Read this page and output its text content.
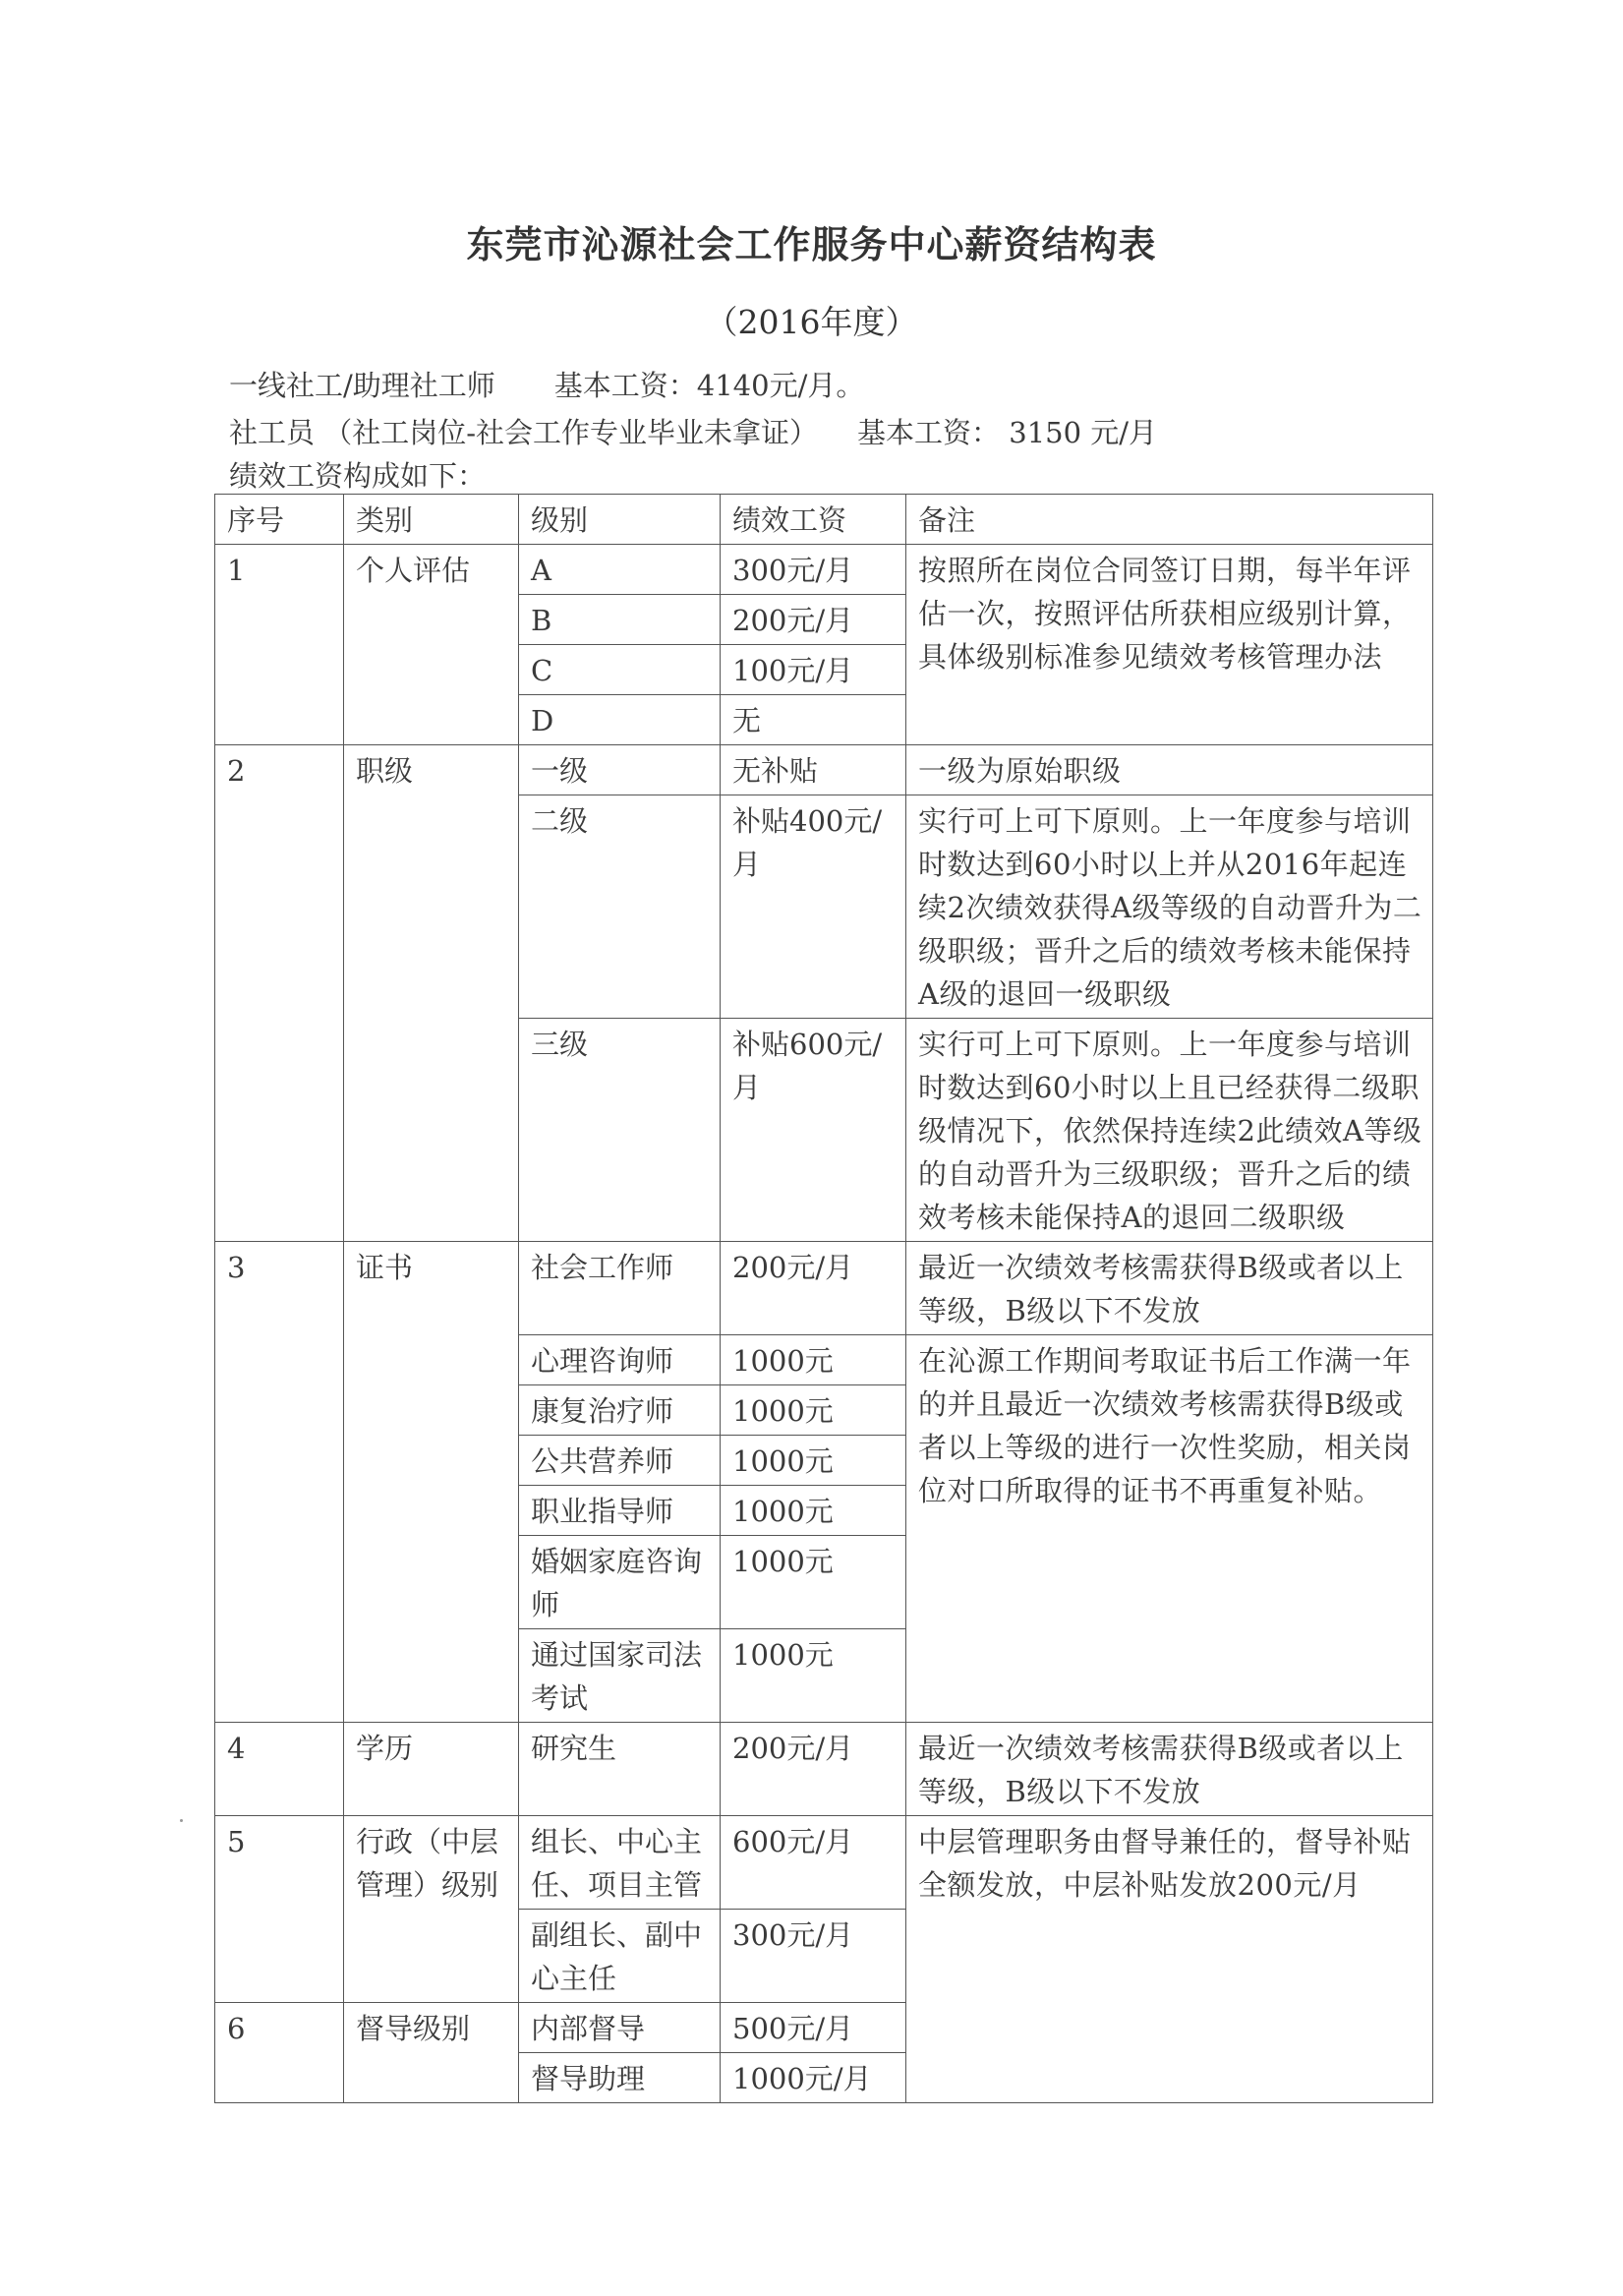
东莞市沁源社会工作服务中心薪资结构表
（2016年度）
一线社工/助理社工师 基本工资：4140元/月。
社工员 （社工岗位-社会工作专业毕业未拿证） 基本工资： 3150 元/月
绩效工资构成如下：
序号	类别	级别	绩效工资	备注
1	个人评估	A	300元/月	按照所在岗位合同签订日期，每半年评估一次，按照评估所获相应级别计算，具体级别标准参见绩效考核管理办法
		B	200元/月	
		C	100元/月	
		D	无	
2	职级	一级	无补贴	一级为原始职级
		二级	补贴400元/月	实行可上可下原则。上一年度参与培训时数达到60小时以上并从2016年起连续2次绩效获得A级等级的自动晋升为二级职级；晋升之后的绩效考核未能保持A级的退回一级职级
		三级	补贴600元/月	实行可上可下原则。上一年度参与培训时数达到60小时以上且已经获得二级职级情况下，依然保持连续2此绩效A等级的自动晋升为三级职级；晋升之后的绩效考核未能保持A的退回二级职级
3	证书	社会工作师	200元/月	最近一次绩效考核需获得B级或者以上等级，B级以下不发放
		心理咨询师	1000元	在沁源工作期间考取证书后工作满一年的并且最近一次绩效考核需获得B级或者以上等级的进行一次性奖励，相关岗位对口所取得的证书不再重复补贴。
		康复治疗师	1000元	
		公共营养师	1000元	
		职业指导师	1000元	
		婚姻家庭咨询师	1000元	
		通过国家司法考试	1000元	
4	学历	研究生	200元/月	最近一次绩效考核需获得B级或者以上等级，B级以下不发放
5	行政（中层管理）级别	组长、中心主任、项目主管	600元/月	中层管理职务由督导兼任的，督导补贴全额发放，中层补贴发放200元/月
		副组长、副中心主任	300元/月	
6	督导级别	内部督导	500元/月	
		督导助理	1000元/月	
